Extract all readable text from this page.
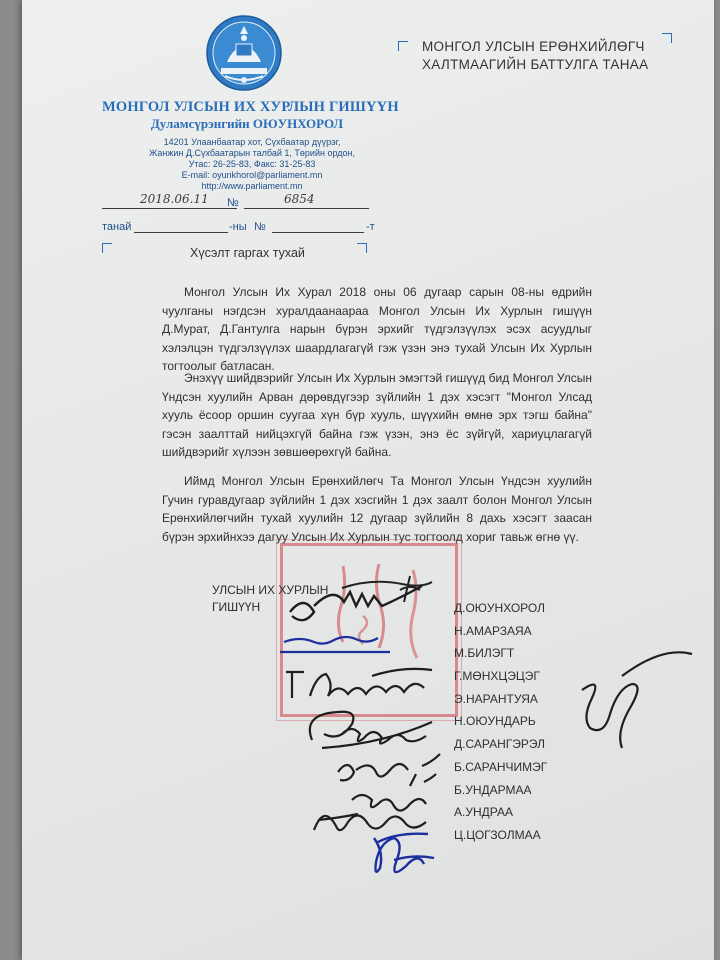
МОНГОЛ УЛСЫН ИХ ХУРЛЫН ГИШҮҮН
Дуламсүрэнгийн ОЮУНХОРОЛ
14201 Улаанбаатар хот, Сүхбаатар дүүрэг,
Жанжин Д.Сүхбаатарын талбай 1, Төрийн ордон,
Утас: 26-25-83, Факс: 31-25-83
E-mail: oyunkhorol@parliament.mn
http://www.parliament.mn
2018.06.11 №	6854
танай	-ны №	-т
Хүсэлт гаргах тухай
МОНГОЛ УЛСЫН ЕРӨНХИЙЛӨГЧ
ХАЛТМААГИЙН БАТТУЛГА ТАНАА

Монгол Улсын Их Хурал 2018 оны 06 дугаар сарын 08-ны өдрийн чуулганы нэгдсэн хуралдаанаараа Монгол Улсын Их Хурлын гишүүн Д.Мурат, Д.Гантулга нарын бүрэн эрхийг түдгэлзүүлэх эсэх асуудлыг хэлэлцэн түдгэлзүүлэх шаардлагагүй гэж үзэн энэ тухай Улсын Их Хурлын тогтоолыг батласан.

Энэхүү шийдвэрийг Улсын Их Хурлын эмэгтэй гишүүд бид Монгол Улсын Үндсэн хуулийн Арван дөрөвдүгээр зүйлийн 1 дэх хэсэгт "Монгол Улсад хууль ёсоор оршин суугаа хүн бүр хууль, шүүхийн өмнө эрх тэгш байна" гэсэн заалттай нийцэхгүй байна гэж үзэн, энэ ёс зүйгүй, хариуцлагагүй шийдвэрийг хүлээн зөвшөөрөхгүй байна.

Иймд Монгол Улсын Ерөнхийлөгч Та Монгол Улсын Үндсэн хуулийн Гучин гуравдугаар зүйлийн 1 дэх хэсгийн 1 дэх заалт болон Монгол Улсын Ерөнхийлөгчийн тухай хуулийн 12 дугаар зүйлийн 8 дахь хэсэгт заасан бүрэн эрхийнхээ дагуу Улсын Их Хурлын тус тогтоолд хориг тавьж өгнө үү.

УЛСЫН ИХ ХУРЛЫН
ГИШҮҮН	Д.ОЮУНХОРОЛ
Н.АМАРЗАЯА
М.БИЛЭГТ
Г.МӨНХЦЭЦЭГ
Э.НАРАНТУЯА
Н.ОЮУНДАРЬ
Д.САРАНГЭРЭЛ
Б.САРАНЧИМЭГ
Б.УНДАРМАА
А.УНДРАА
Ц.ЦОГЗОЛМАА
